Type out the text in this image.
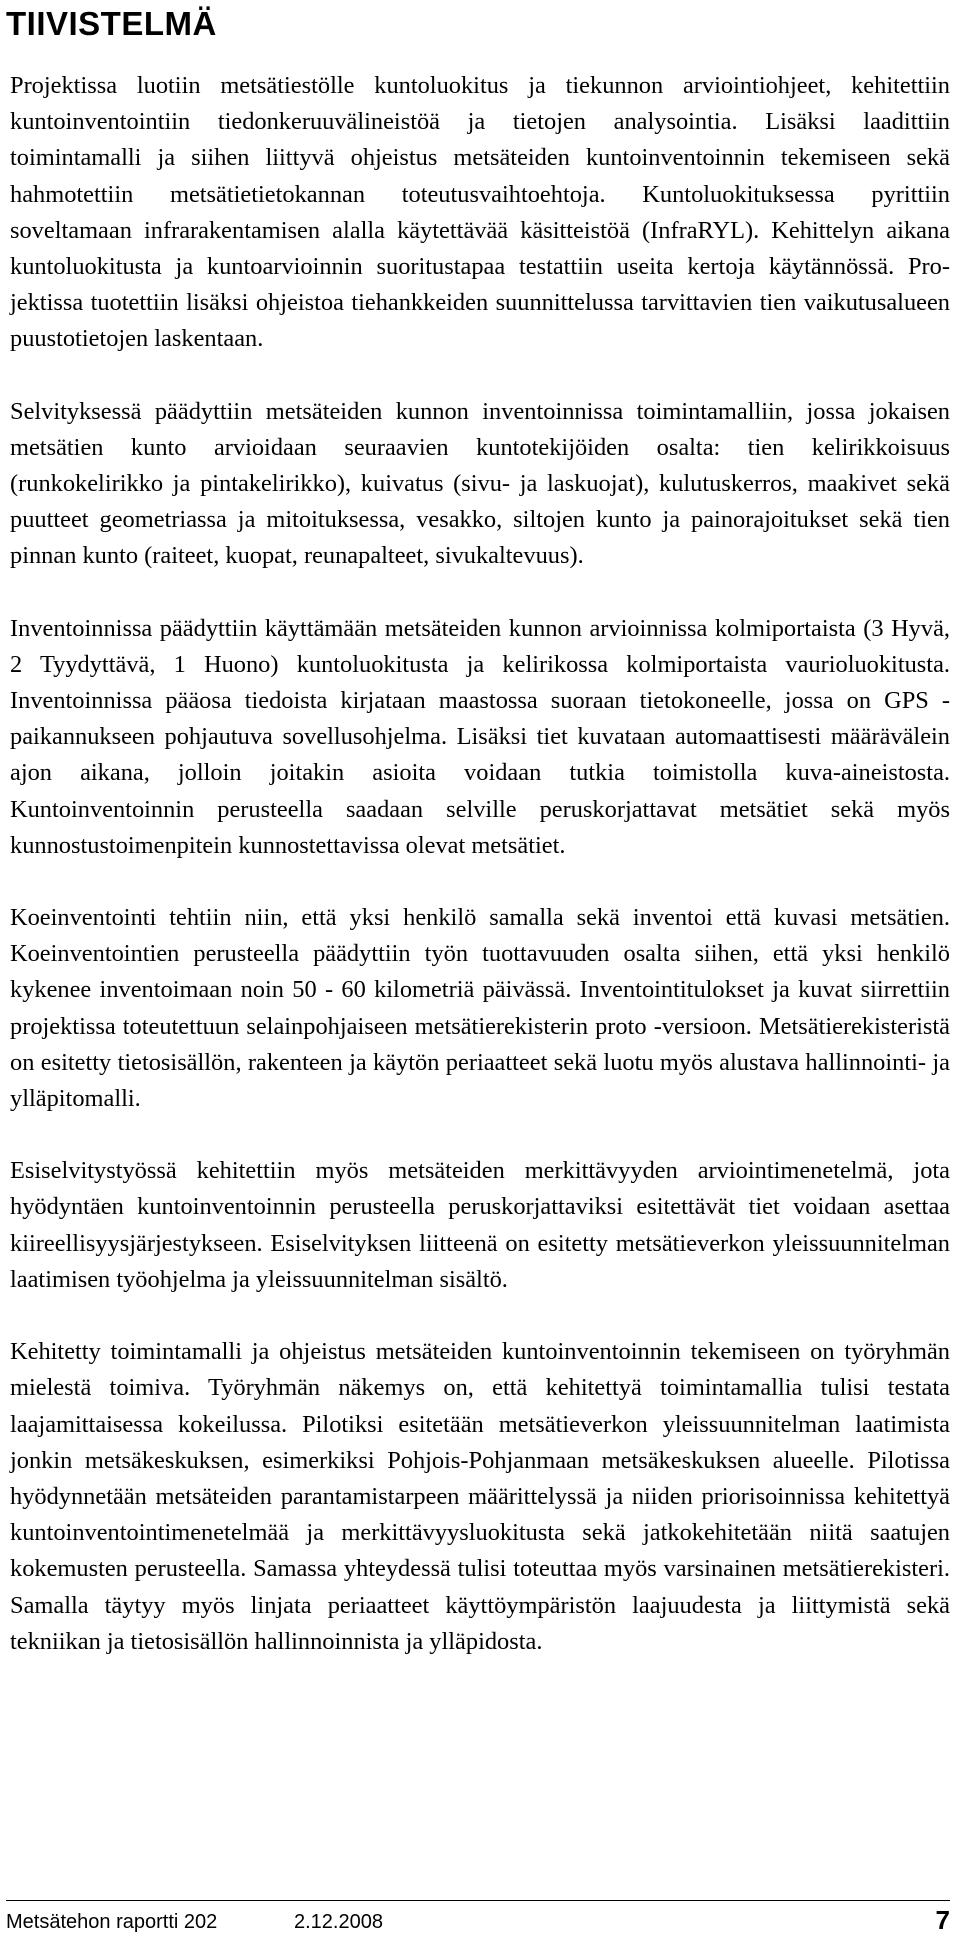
TIIVISTELMÄ

Projektissa luotiin metsätiestölle kuntoluokitus ja tiekunnon arviointiohjeet, kehitettiin kuntoinventointiin tiedonkeruuvälineistöä ja tietojen analysointia. Lisäksi laadittiin toimintamalli ja siihen liittyvä ohjeistus metsäteiden kuntoinventoinnin tekemiseen sekä hahmotettiin metsätietietokannan toteutusvaihtoehtoja. Kuntoluokituksessa pyrittiin soveltamaan infrarakentamisen alalla käytettävää käsitteistöä (InfraRYL). Kehittelyn aikana kuntoluokitusta ja kuntoarvioinnin suoritustapaa testattiin useita kertoja käytännössä. Projektissa tuotettiin lisäksi ohjeistoa tiehankkeiden suunnittelussa tarvittavien tien vaikutusalueen puustotietojen laskentaan.

Selvityksessä päädyttiin metsäteiden kunnon inventoinnissa toimintamalliin, jossa jokaisen metsätien kunto arvioidaan seuraavien kuntotekijöiden osalta: tien kelirikkoisuus (runkokelirikko ja pintakelirikko), kuivatus (sivu- ja laskuojat), kulutuskerros, maakivet sekä puutteet geometriassa ja mitoituksessa, vesakko, siltojen kunto ja painorajoitukset sekä tien pinnan kunto (raiteet, kuopat, reunapalteet, sivukaltevuus).

Inventoinnissa päädyttiin käyttämään metsäteiden kunnon arvioinnissa kolmiportaista (3 Hyvä, 2 Tyydyttävä, 1 Huono) kuntoluokitusta ja kelirikossa kolmiportaista vaurioluokitusta. Inventoinnissa pääosa tiedoista kirjataan maastossa suoraan tietokoneelle, jossa on GPS -paikannukseen pohjautuva sovellusohjelma. Lisäksi tiet kuvataan automaattisesti määrävälein ajon aikana, jolloin joitakin asioita voidaan tutkia toimistolla kuva-aineistosta. Kuntoinventoinnin perusteella saadaan selville peruskorjattavat metsätiet sekä myös kunnostustoimenpitein kunnostettavissa olevat metsätiet.

Koeinventointi tehtiin niin, että yksi henkilö samalla sekä inventoi että kuvasi metsätien. Koeinventointien perusteella päädyttiin työn tuottavuuden osalta siihen, että yksi henkilö kykenee inventoimaan noin 50 - 60 kilometriä päivässä. Inventointitulokset ja kuvat siirrettiin projektissa toteutettuun selainpohjaiseen metsätierekisterin proto -versioon. Metsätierekisteristä on esitetty tietosisällön, rakenteen ja käytön periaatteet sekä luotu myös alustava hallinnointi- ja ylläpitomalli.

Esiselvitystyössä kehitettiin myös metsäteiden merkittävyyden arviointimenetelmä, jota hyödyntäen kuntoinventoinnin perusteella peruskorjattaviksi esitettävät tiet voidaan asettaa kiireellisyysjärjestykseen. Esiselvityksen liitteenä on esitetty metsätieverkon yleissuunnitelman laatimisen työohjelma ja yleissuunnitelman sisältö.

Kehitetty toimintamalli ja ohjeistus metsäteiden kuntoinventoinnin tekemiseen on työryhmän mielestä toimiva. Työryhmän näkemys on, että kehitettyä toimintamallia tulisi testata laajamittaisessa kokeilussa. Pilotiksi esitetään metsätieverkon yleissuunnitelman laatimista jonkin metsäkeskuksen, esimerkiksi Pohjois-Pohjanmaan metsäkeskuksen alueelle. Pilotissa hyödynnetään metsäteiden parantamistarpeen määrittelyssä ja niiden priorisoinnissa kehitettyä kuntoinventointimenetelmää ja merkittävyysluokitusta sekä jatkokehitetään niitä saatujen kokemusten perusteella. Samassa yhteydessä tulisi toteuttaa myös varsinainen metsätierekisteri. Samalla täytyy myös linjata periaatteet käyttöympäristön laajuudesta ja liittymistä sekä tekniikan ja tietosisällön hallinnoinnista ja ylläpidosta.

Metsätehon raportti 202	2.12.2008	7
